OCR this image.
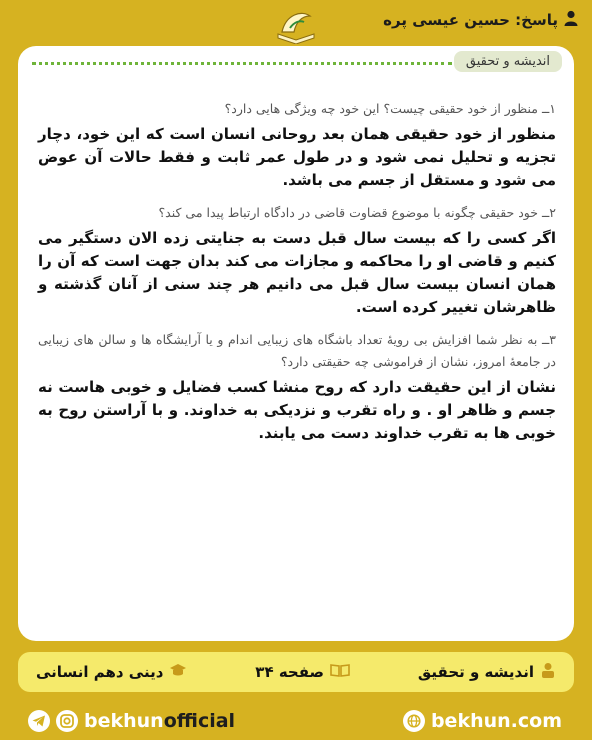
پاسخ: حسین عیسی پره
اندیشه و تحقیق
۱ــ منظور از خود حقیقی چیست؟ این خود چه ویژگی هایی دارد؟
منظور از خود حقیقی همان بعد روحانی انسان است که این خود، دچار تجزیه و تحلیل نمی شود و در طول عمر ثابت و فقط حالات آن عوض می شود و مستقل از جسم می باشد.
۲ــ خود حقیقی چگونه با موضوع قضاوت قاضی در دادگاه ارتباط پیدا می کند؟
اگر کسی را که بیست سال قبل دست به جنایتی زده الان دستگیر می کنیم و قاضی او را محاکمه و مجازات می کند بدان جهت است که آن را همان انسان بیست سال قبل می دانیم هر چند سنی از آنان گذشته و ظاهرشان تغییر کرده است.
۳ــ به نظر شما افزایش بی رویهٔ تعداد باشگاه های زیبایی اندام و یا آرایشگاه ها و سالن های زیبایی در جامعهٔ امروز، نشان از فراموشی چه حقیقتی دارد؟
نشان از این حقیقت دارد که روح منشا کسب فضایل و خوبی هاست نه جسم و ظاهر او . و راه تقرب و نزدیکی به خداوند. و با آراستن روح به خوبی ها به تقرب خداوند دست می یابند.
اندیشه و تحقیق
صفحه ۳۴
دینی دهم انسانی
bekhunofficial	bekhun.com
